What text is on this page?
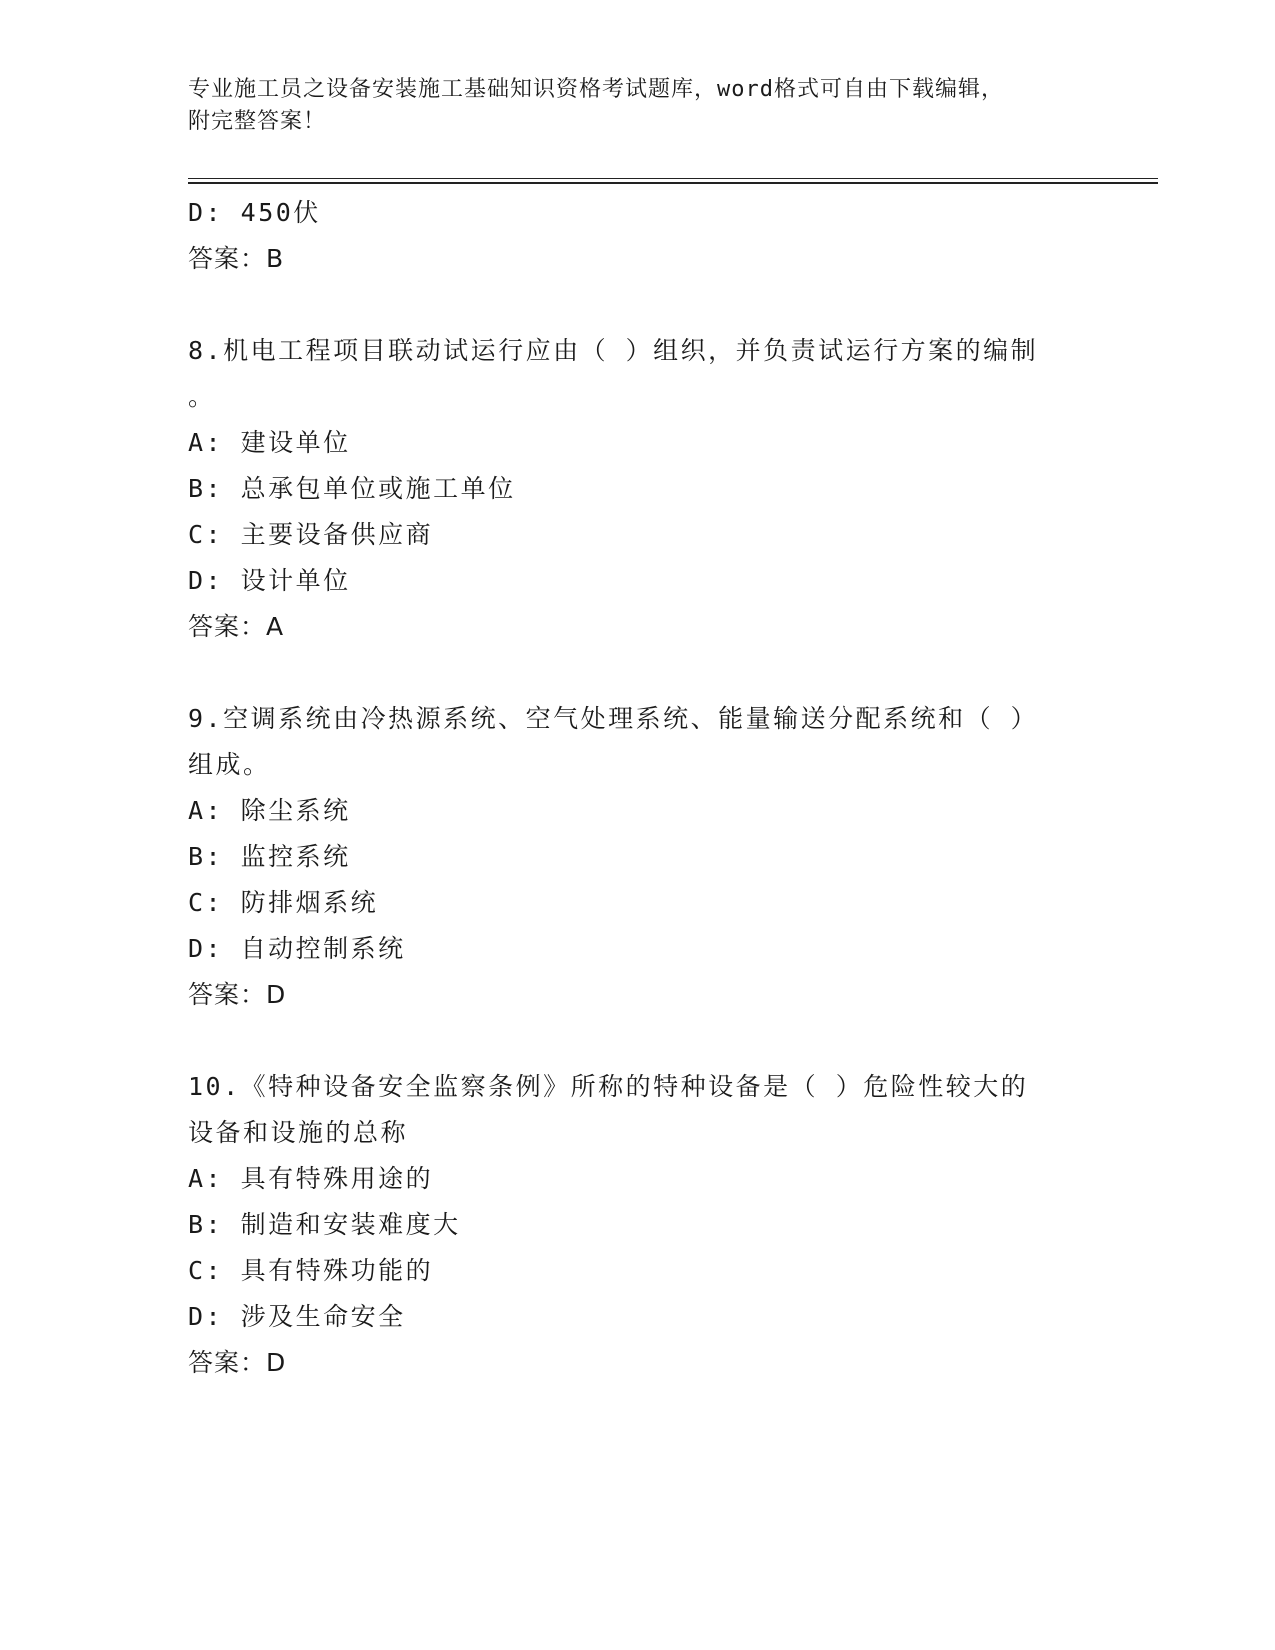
专业施工员之设备安装施工基础知识资格考试题库，word格式可自由下载编辑，
附完整答案！
D: 450伏
答案：B
8.机电工程项目联动试运行应由（ ）组织，并负责试运行方案的编制
。
A: 建设单位
B: 总承包单位或施工单位
C: 主要设备供应商
D: 设计单位
答案：A
9.空调系统由冷热源系统、空气处理系统、能量输送分配系统和（ ）
组成。
A: 除尘系统
B: 监控系统
C: 防排烟系统
D: 自动控制系统
答案：D
10.《特种设备安全监察条例》所称的特种设备是（ ）危险性较大的
设备和设施的总称
A: 具有特殊用途的
B: 制造和安装难度大
C: 具有特殊功能的
D: 涉及生命安全
答案：D
